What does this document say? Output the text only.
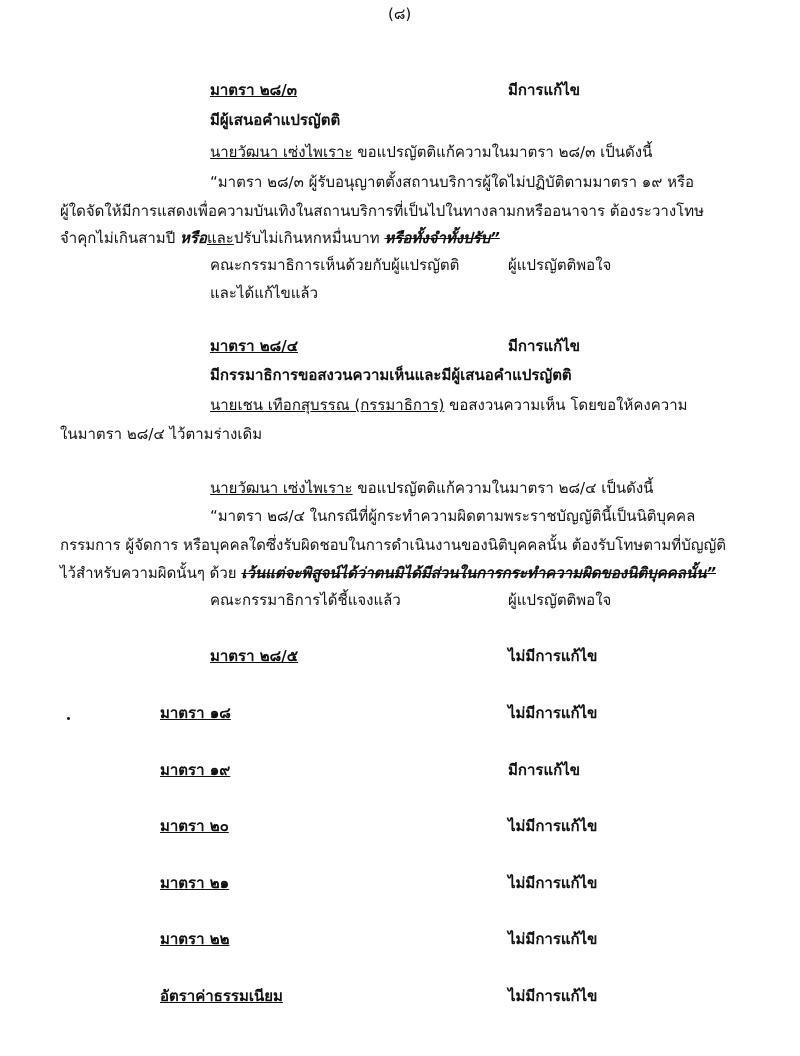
(๘)
มาตรา ๒๘/๓	มีการแก้ไข
มีผู้เสนอคำแปรญัตติ
นายวัฒนา เซ่งไพเราะ ขอแปรญัตติแก้ความในมาตรา ๒๘/๓ เป็นดังนี้
“มาตรา ๒๘/๓ ผู้รับอนุญาตตั้งสถานบริการผู้ใดไม่ปฏิบัติตามมาตรา ๑๙ หรือ
ผู้ใดจัดให้มีการแสดงเพื่อความบันเทิงในสถานบริการที่เป็นไปในทางลามกหรืออนาจาร ต้องระวางโทษ
จำคุกไม่เกินสามปี หรือและปรับไม่เกินหกหมื่นบาท หรือทั้งจำทั้งปรับ”
คณะกรรมาธิการเห็นด้วยกับผู้แปรญัตติ	ผู้แปรญัตติพอใจ
และได้แก้ไขแล้ว
มาตรา ๒๘/๔	มีการแก้ไข
มีกรรมาธิการขอสงวนความเห็นและมีผู้เสนอคำแปรญัตติ
นายเชน เทือกสุบรรณ (กรรมาธิการ) ขอสงวนความเห็น โดยขอให้คงความ
ในมาตรา ๒๘/๔ ไว้ตามร่างเดิม
นายวัฒนา เซ่งไพเราะ ขอแปรญัตติแก้ความในมาตรา ๒๘/๔ เป็นดังนี้
“มาตรา ๒๘/๔ ในกรณีที่ผู้กระทำความผิดตามพระราชบัญญัตินี้เป็นนิติบุคคล
กรรมการ ผู้จัดการ หรือบุคคลใดซึ่งรับผิดชอบในการดำเนินงานของนิติบุคคลนั้น ต้องรับโทษตามที่บัญญัติ
ไว้สำหรับความผิดนั้นๆ ด้วย เว้นแต่จะพิสูจน์ได้ว่าตนมิได้มีส่วนในการกระทำความผิดของนิติบุคคลนั้น”
คณะกรรมาธิการได้ชี้แจงแล้ว	ผู้แปรญัตติพอใจ
มาตรา ๒๘/๕	ไม่มีการแก้ไข
มาตรา ๑๘	ไม่มีการแก้ไข
มาตรา ๑๙	มีการแก้ไข
มาตรา ๒๐	ไม่มีการแก้ไข
มาตรา ๒๑	ไม่มีการแก้ไข
มาตรา ๒๒	ไม่มีการแก้ไข
อัตราค่าธรรมเนียม	ไม่มีการแก้ไข
